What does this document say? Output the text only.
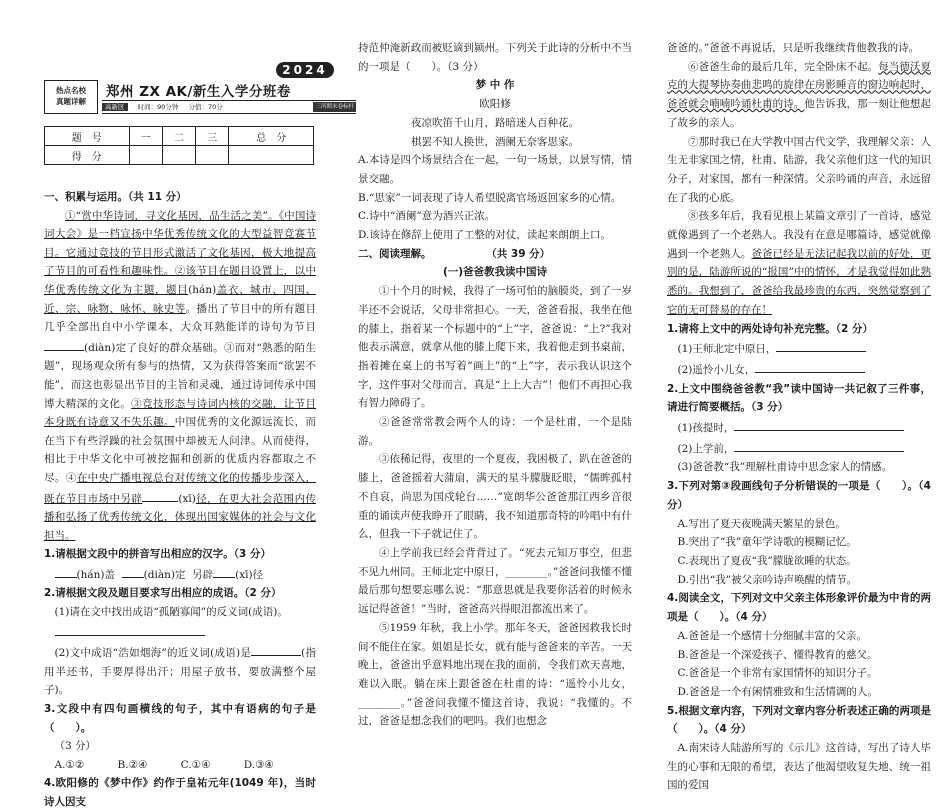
2024
热点名校
真题详解
郑州 ZX AK/新生入学分班卷
高新区 时间：90分钟 分值：70分	三所期末卷标杆
题　号	一	二	三	总　分
得　分				

一、积累与运用。（共 11 分）

①“赏中华诗词，寻文化基因，品生活之美”。《中国诗词大会》是一档宣扬中华优秀传统文化的大型益智竞赛节目。它通过竞技的节目形式激活了文化基因，极大地提高了节目的可看性和趣味性。②该节目在题目设置上，以中华优秀传统文化为主题，题目(hán)盖衣、城市、四国、近、宗、咏物、咏怀、咏史等。播出了节目中的所有题目几乎全部出自中小学课本，大众耳熟能详的诗句为节目(diàn)定了良好的群众基础。③而对“熟悉的陌生题”，现场观众所有参与的热情，又为获得答案而“欲罢不能”，而这也彰显出节目的主旨和灵魂，通过诗词传承中国博大精深的文化。③竞技形态与诗词内核的交融，让节目本身既有诗意又不失乐趣。中国优秀的文化源远流长，而在当下有些浮躁的社会氛围中却被无人问津。从而使得，相比于中华文化中可被挖掘和创新的优质内容都取之不尽。④在中央广播电视总台对传统文化的传播步步深入，既在节目市场中另辟	(xī)径，在更大社会范围内传播和弘扬了优秀传统文化，体现出国家媒体的社会与文化担当。

1.请根据文段中的拼音写出相应的汉字。（3 分）

(hán)盖	(diàn)定 另辟 (xī)径

2.请根据文段及题目要求写出相应的成语。（2 分）

(1)请在文中找出成语“孤陋寡闻”的反义词(成语)。

(2)文中成语“浩如烟海”的近义词(成语)是	(指用半还书，手要厚得出汗；用屋子放书，要放满整个屋子)。

3.文段中有四句画横线的句子，其中有语病的句子是（　　）。

（3 分）

A.①②	B.②④	C.①④	D.③④

4.欧阳修的《梦中作》约作于皇祐元年(1049 年)，当时诗人因支

持范仲淹新政而被贬谪到颍州。下列关于此诗的分析中不当的一项是（　　）。（3 分）

梦 中 作

欧阳修

夜凉吹笛千山月，路暗迷人百种花。

棋罢不知人换世，酒阑无奈客思家。

A.本诗是四个场景结合在一起，一句一场景，以景写情，情景交融。

B.“思家”一词表现了诗人希望脱离官场返回家乡的心情。

C.诗中“酒阑”意为酒兴正浓。

D.该诗在修辞上使用了工整的对仗，读起来朗朗上口。

二、阅读理解。	（共 39 分）

(一)爸爸教我读中国诗

①十个月的时候，我得了一场可怕的脑膜炎，到了一岁半还不会说话，父母非常担心。一天，爸爸看报，我坐在他的膝上，指着某一个标题中的“上”字，爸爸说：“上?”我对他表示满意，就拿从他的膝上爬下来，我着他走到书桌前，指着摊在桌上的书写着“画上”的“上”字，表示我认识这个字，这件事对父母而言，真是“上上大吉”！他们不再担心我有智力障碍了。

②爸爸常常教会两个人的诗：一个是杜甫，一个是陆游。

③依稀记得，夜里的一个夏夜，我困极了，趴在爸爸的膝上，爸爸摇着大蒲扇，满天的星斗朦胧眨眼，“儒眸孤村不自哀，尚思为国戍轮台……”宽朗华公爸爸那江西乡音很重的诵读声使我睁开了眼睛，我不知道那奇特的吟唱中有什么，但我一下子就记住了。

④上学前我已经会背背过了。“死去元知万事空，但悲不见九州同。王师北定中原日，________。”爸爸问我懂不懂最后那句想要忘哪么说：“那意思就是我要你活着的时候永远记得爸爸！”当时，爸爸高兴得眼泪都流出来了。

⑤1959 年秋，我上小学。那年冬天，爸爸因救我长时间不能住在家。姐姐是长女，就有能与爸爸来的辛苦。一天晚上，爸爸出乎意料地出现在我的面前，令我们欢天喜地，难以入眠。躺在床上跟爸爸在杜甫的诗：“遥怜小儿女，________。”爸爸问我懂不懂这首诗，我说：“我懂的。不过，爸爸是想念我们的吧吗。我们也想念

爸爸的。”爸爸不再说话，只是听我继续背他教我的诗。

⑥爸爸生命的最后几年，完全卧床不起。每当德沃夏克的大提琴协奏曲悲鸣的旋律在房影睡音的窗边响起时，爸爸就会喃喃吟诵杜甫的诗。他告诉我，那一刻让他想起了故乡的亲人。

⑦那时我已在大学教中国古代文学，我理解父亲：人生无非家国之情，杜甫、陆游，我父亲他们这一代的知识分子，对家国，都有一种深情。父亲吟诵的声音，永远留在了我的心底。

⑧孩多年后，我看见根上某篇文章引了一首诗，感觉就像遇到了一个老熟人。我没有在意是哪篇诗，感觉就像遇到一个老熟人。爸爸已经是无法记起我以前的好处，更别的是，陆游所说的“报国”中的情怀，才是我觉得如此熟悉的。我想到了，爸爸给我最珍贵的东西，突然觉察到了它的无可替易的存在！

1.请将上文中的两处诗句补充完整。（2 分）

(1)王师北定中原日，

(2)遥怜小儿女，

2.上文中围绕爸爸教“我”读中国诗一共记叙了三件事，请进行简要概括。（3 分）

(1)孩提时，

(2)上学前，

(3)爸爸教“我”理解杜甫诗中思念家人的情感。

3.下列对第③段画线句子分析错误的一项是（　　）。（4 分）

A.写出了夏天夜晚满天繁星的景色。

B.突出了“我”童年学诗歌的模糊记忆。

C.表现出了夏夜“我”朦胧欲睡的状态。

D.引出“我”被父亲吟诗声唤醒的情节。

4.阅读全文，下列对文中父亲主体形象评价最为中肯的两项是（　　）。（4 分）

A.爸爸是一个感情十分细腻丰富的父亲。

B.爸爸是一个深爱孩子、懂得教育的慈父。

C.爸爸是一个非常有家国情怀的知识分子。

D.爸爸是一个有闲情雅致和生活情调的人。

5.根据文章内容，下列对文章内容分析表述正确的两项是（　　）。（4 分）

A.南宋诗人陆游所写的《示儿》这首诗，写出了诗人毕生的心事和无限的希望，表达了他渴望收复失地、统一祖国的爱国
